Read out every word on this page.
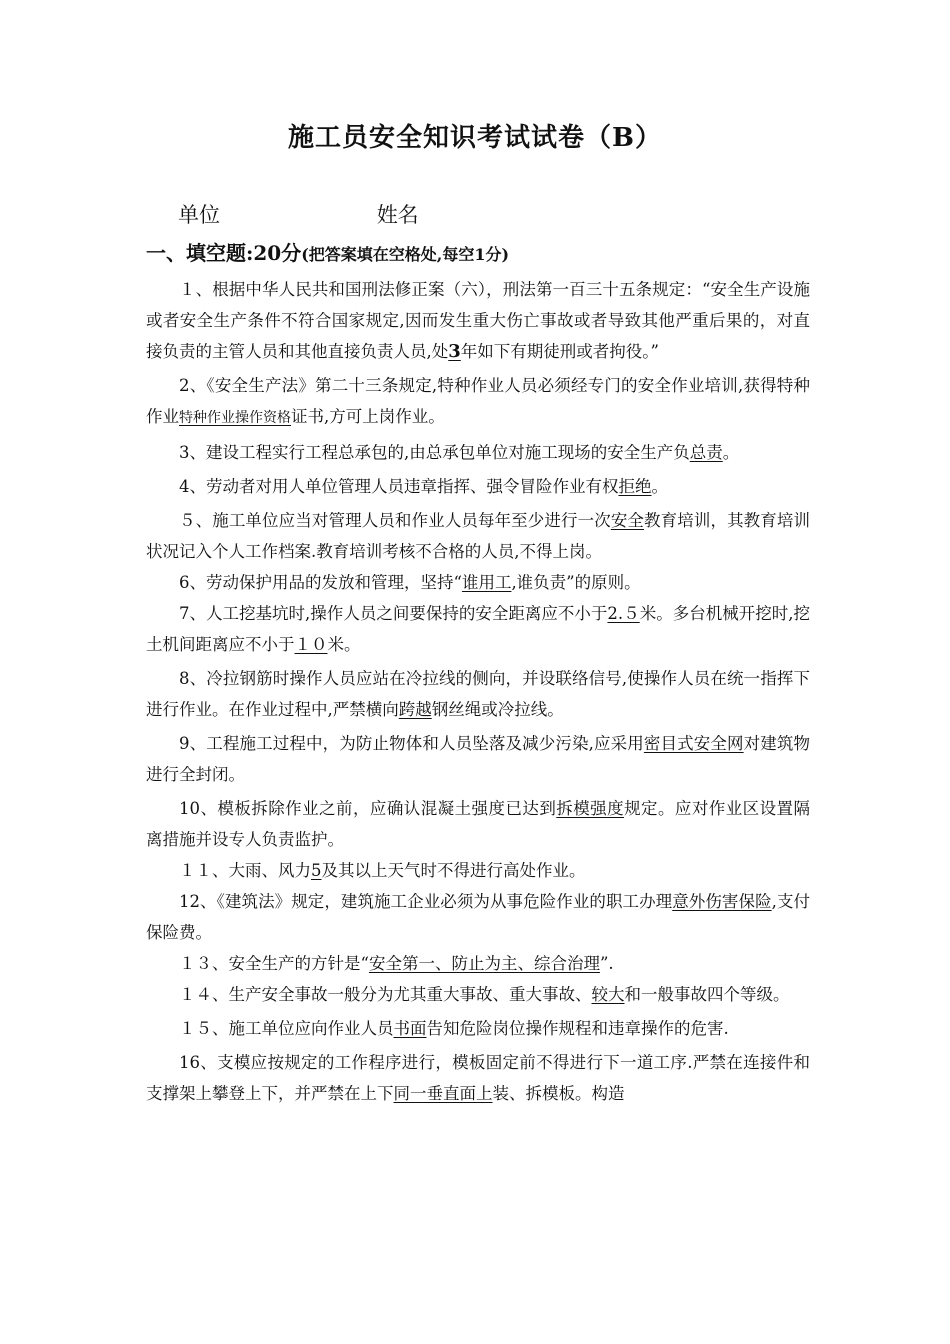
施工员安全知识考试试卷（B）
单位	姓名
一、填空题:20分(把答案填在空格处,每空1分)

１、根据中华人民共和国刑法修正案（六），刑法第一百三十五条规定：“安全生产设施或者安全生产条件不符合国家规定,因而发生重大伤亡事故或者导致其他严重后果的，对直接负责的主管人员和其他直接负责人员,处3年如下有期徒刑或者拘役。”

2、《安全生产法》第二十三条规定,特种作业人员必须经专门的安全作业培训,获得特种作业特种作业操作资格证书,方可上岗作业。

3、建设工程实行工程总承包的,由总承包单位对施工现场的安全生产负总责。

4、劳动者对用人单位管理人员违章指挥、强令冒险作业有权拒绝。

５、施工单位应当对管理人员和作业人员每年至少进行一次安全教育培训，其教育培训状况记入个人工作档案.教育培训考核不合格的人员,不得上岗。

6、劳动保护用品的发放和管理，坚持“谁用工,谁负责”的原则。

7、人工挖基坑时,操作人员之间要保持的安全距离应不小于2.５米。多台机械开挖时,挖土机间距离应不小于１０米。

8、冷拉钢筋时操作人员应站在冷拉线的侧向，并设联络信号,使操作人员在统一指挥下进行作业。在作业过程中,严禁横向跨越钢丝绳或冷拉线。

9、工程施工过程中，为防止物体和人员坠落及减少污染,应采用密目式安全网对建筑物进行全封闭。

10、模板拆除作业之前，应确认混凝土强度已达到拆模强度规定。应对作业区设置隔离措施并设专人负责监护。

１１、大雨、风力5及其以上天气时不得进行高处作业。

12、《建筑法》规定，建筑施工企业必须为从事危险作业的职工办理意外伤害保险,支付保险费。

１３、安全生产的方针是“安全第一、防止为主、综合治理”.

１４、生产安全事故一般分为尤其重大事故、重大事故、较大和一般事故四个等级。

１５、施工单位应向作业人员书面告知危险岗位操作规程和违章操作的危害.

16、支模应按规定的工作程序进行，模板固定前不得进行下一道工序.严禁在连接件和支撑架上攀登上下，并严禁在上下同一垂直面上装、拆模板。构造
